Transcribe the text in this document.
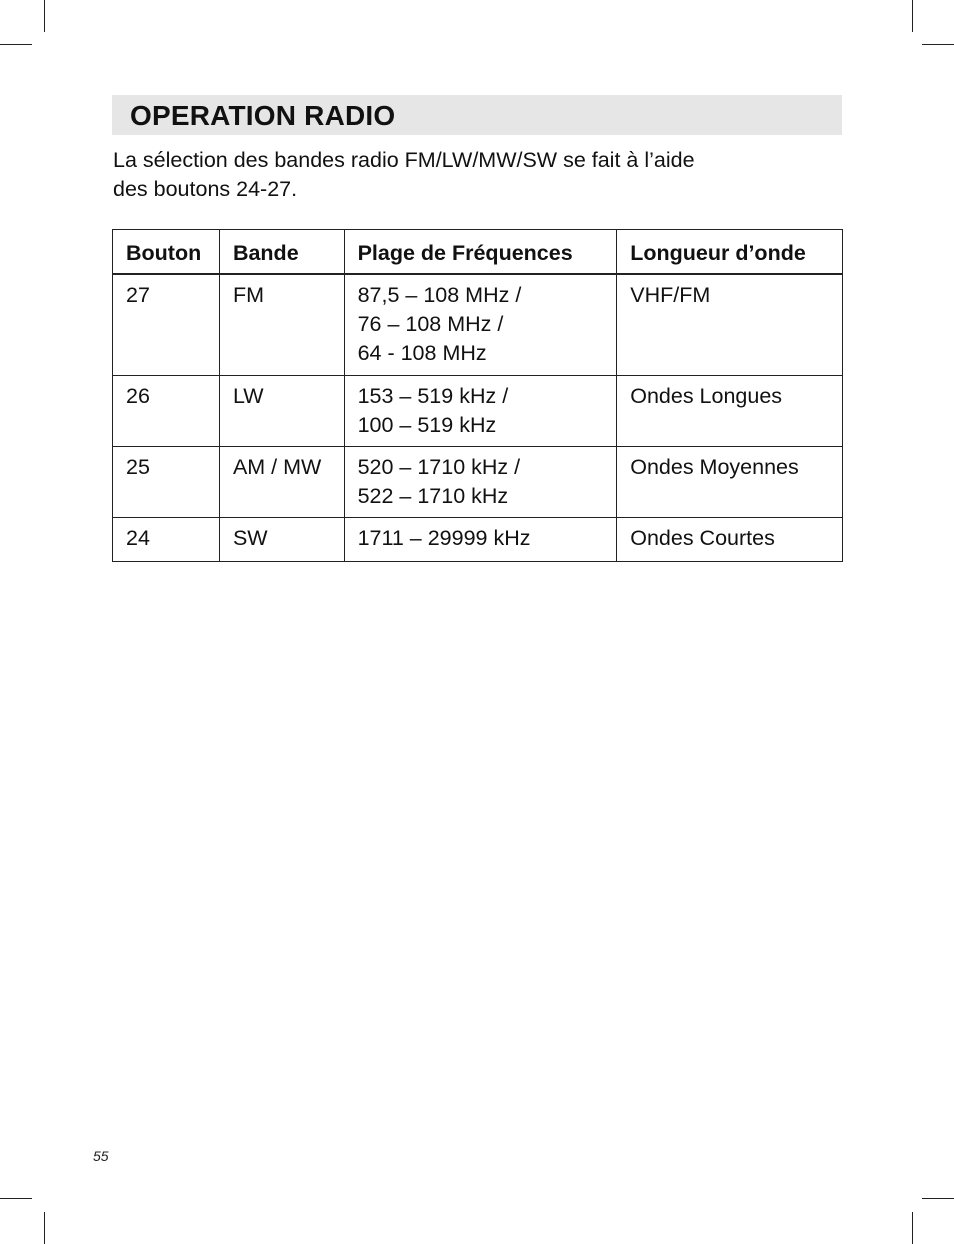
OPERATION RADIO
La sélection des bandes radio FM/LW/MW/SW se fait à l’aide
des boutons 24-27.
Bouton	Bande	Plage de Fréquences	Longueur d’onde
27	FM	87,5 – 108 MHz /
76 – 108 MHz /
64 - 108 MHz	VHF/FM
26	LW	153 – 519 kHz /
100 – 519 kHz	Ondes Longues
25	AM / MW	520 – 1710 kHz /
522 – 1710 kHz	Ondes Moyennes
24	SW	1711 – 29999 kHz	Ondes Courtes
55
